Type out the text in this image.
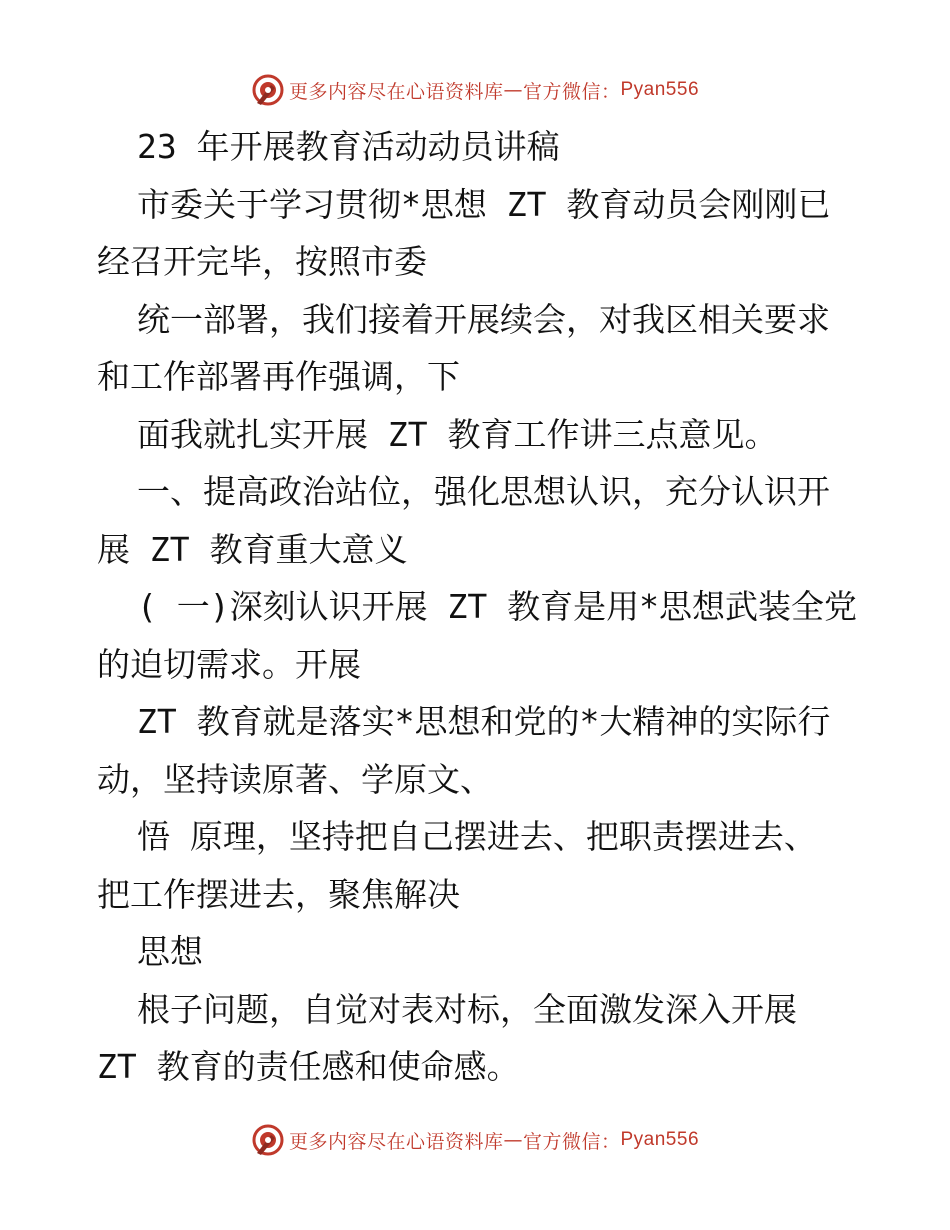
更多内容尽在心语资料库 — 官方微信： Pyan556
23 年开展教育活动动员讲稿
市委关于学习贯彻*思想 ZT 教育动员会刚刚已
经召开完毕，按照市委
统一部署，我们接着开展续会，对我区相关要求
和工作部署再作强调，下
面我就扎实开展 ZT 教育工作讲三点意见。
一、提高政治站位，强化思想认识，充分认识开
展 ZT 教育重大意义
( 一)深刻认识开展 ZT 教育是用*思想武装全党
的迫切需求。开展
ZT 教育就是落实*思想和党的*大精神的实际行
动，坚持读原著、学原文、
悟 原理，坚持把自己摆进去、把职责摆进去、
把工作摆进去，聚焦解决
思想
根子问题，自觉对表对标，全面激发深入开展
ZT 教育的责任感和使命感。
更多内容尽在心语资料库 — 官方微信： Pyan556
